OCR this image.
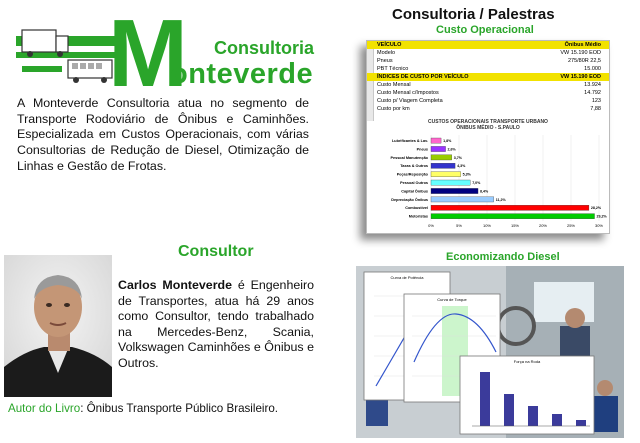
M Consultoria
onteverde

A Monteverde Consultoria atua no segmento de Transporte Rodoviário de Ônibus e Caminhões. Especializada em Custos Operacionais, com várias Consultorias de Redução de Diesel, Otimização de Linhas e Gestão de Frotas.

Consultoria / Palestras
Custo Operacional
VEÍCULO	Ônibus Médio
Modelo	VW 15.190 EOD
Pneus	275/80R 22,5
PBT Técnico	15.000
ÍNDICES DE CUSTO POR VEÍCULO	VW 15.190 EOD
Custo Mensal	13.924
Custo Mensal c/Impostos	14.792
Custo p/ Viagem Completa	123
Custo por km	7,88
CUSTOS OPERACIONAIS TRANSPORTE URBANO
ÔNIBUS MÉDIO - S.PAULO
0%	5%	10%	15%	20%	25%	30%
Lubrificantes & Lav.	1,8%
Pneus	2,6%
Pessoal Manutenção	3,7%
Taxas & Outros	4,3%
Peças/Reposição	5,3%
Pessoal Outros	7,0%
Capital Ônibus	8,4%
Depreciação Ônibus	11,2%
Combustível	28,2%
Motoristas	29,2%
Consultor

Carlos Monteverde é Engenheiro de Transportes, atua há 29 anos como Consultor, tendo trabalhado na Mercedes-Benz, Scania, Volkswagen Caminhões e Ônibus e Outros.

Autor do Livro: Ônibus Transporte Público Brasileiro.
Economizando Diesel
Curva de Potência
Curva de Torque
Força na Roda
